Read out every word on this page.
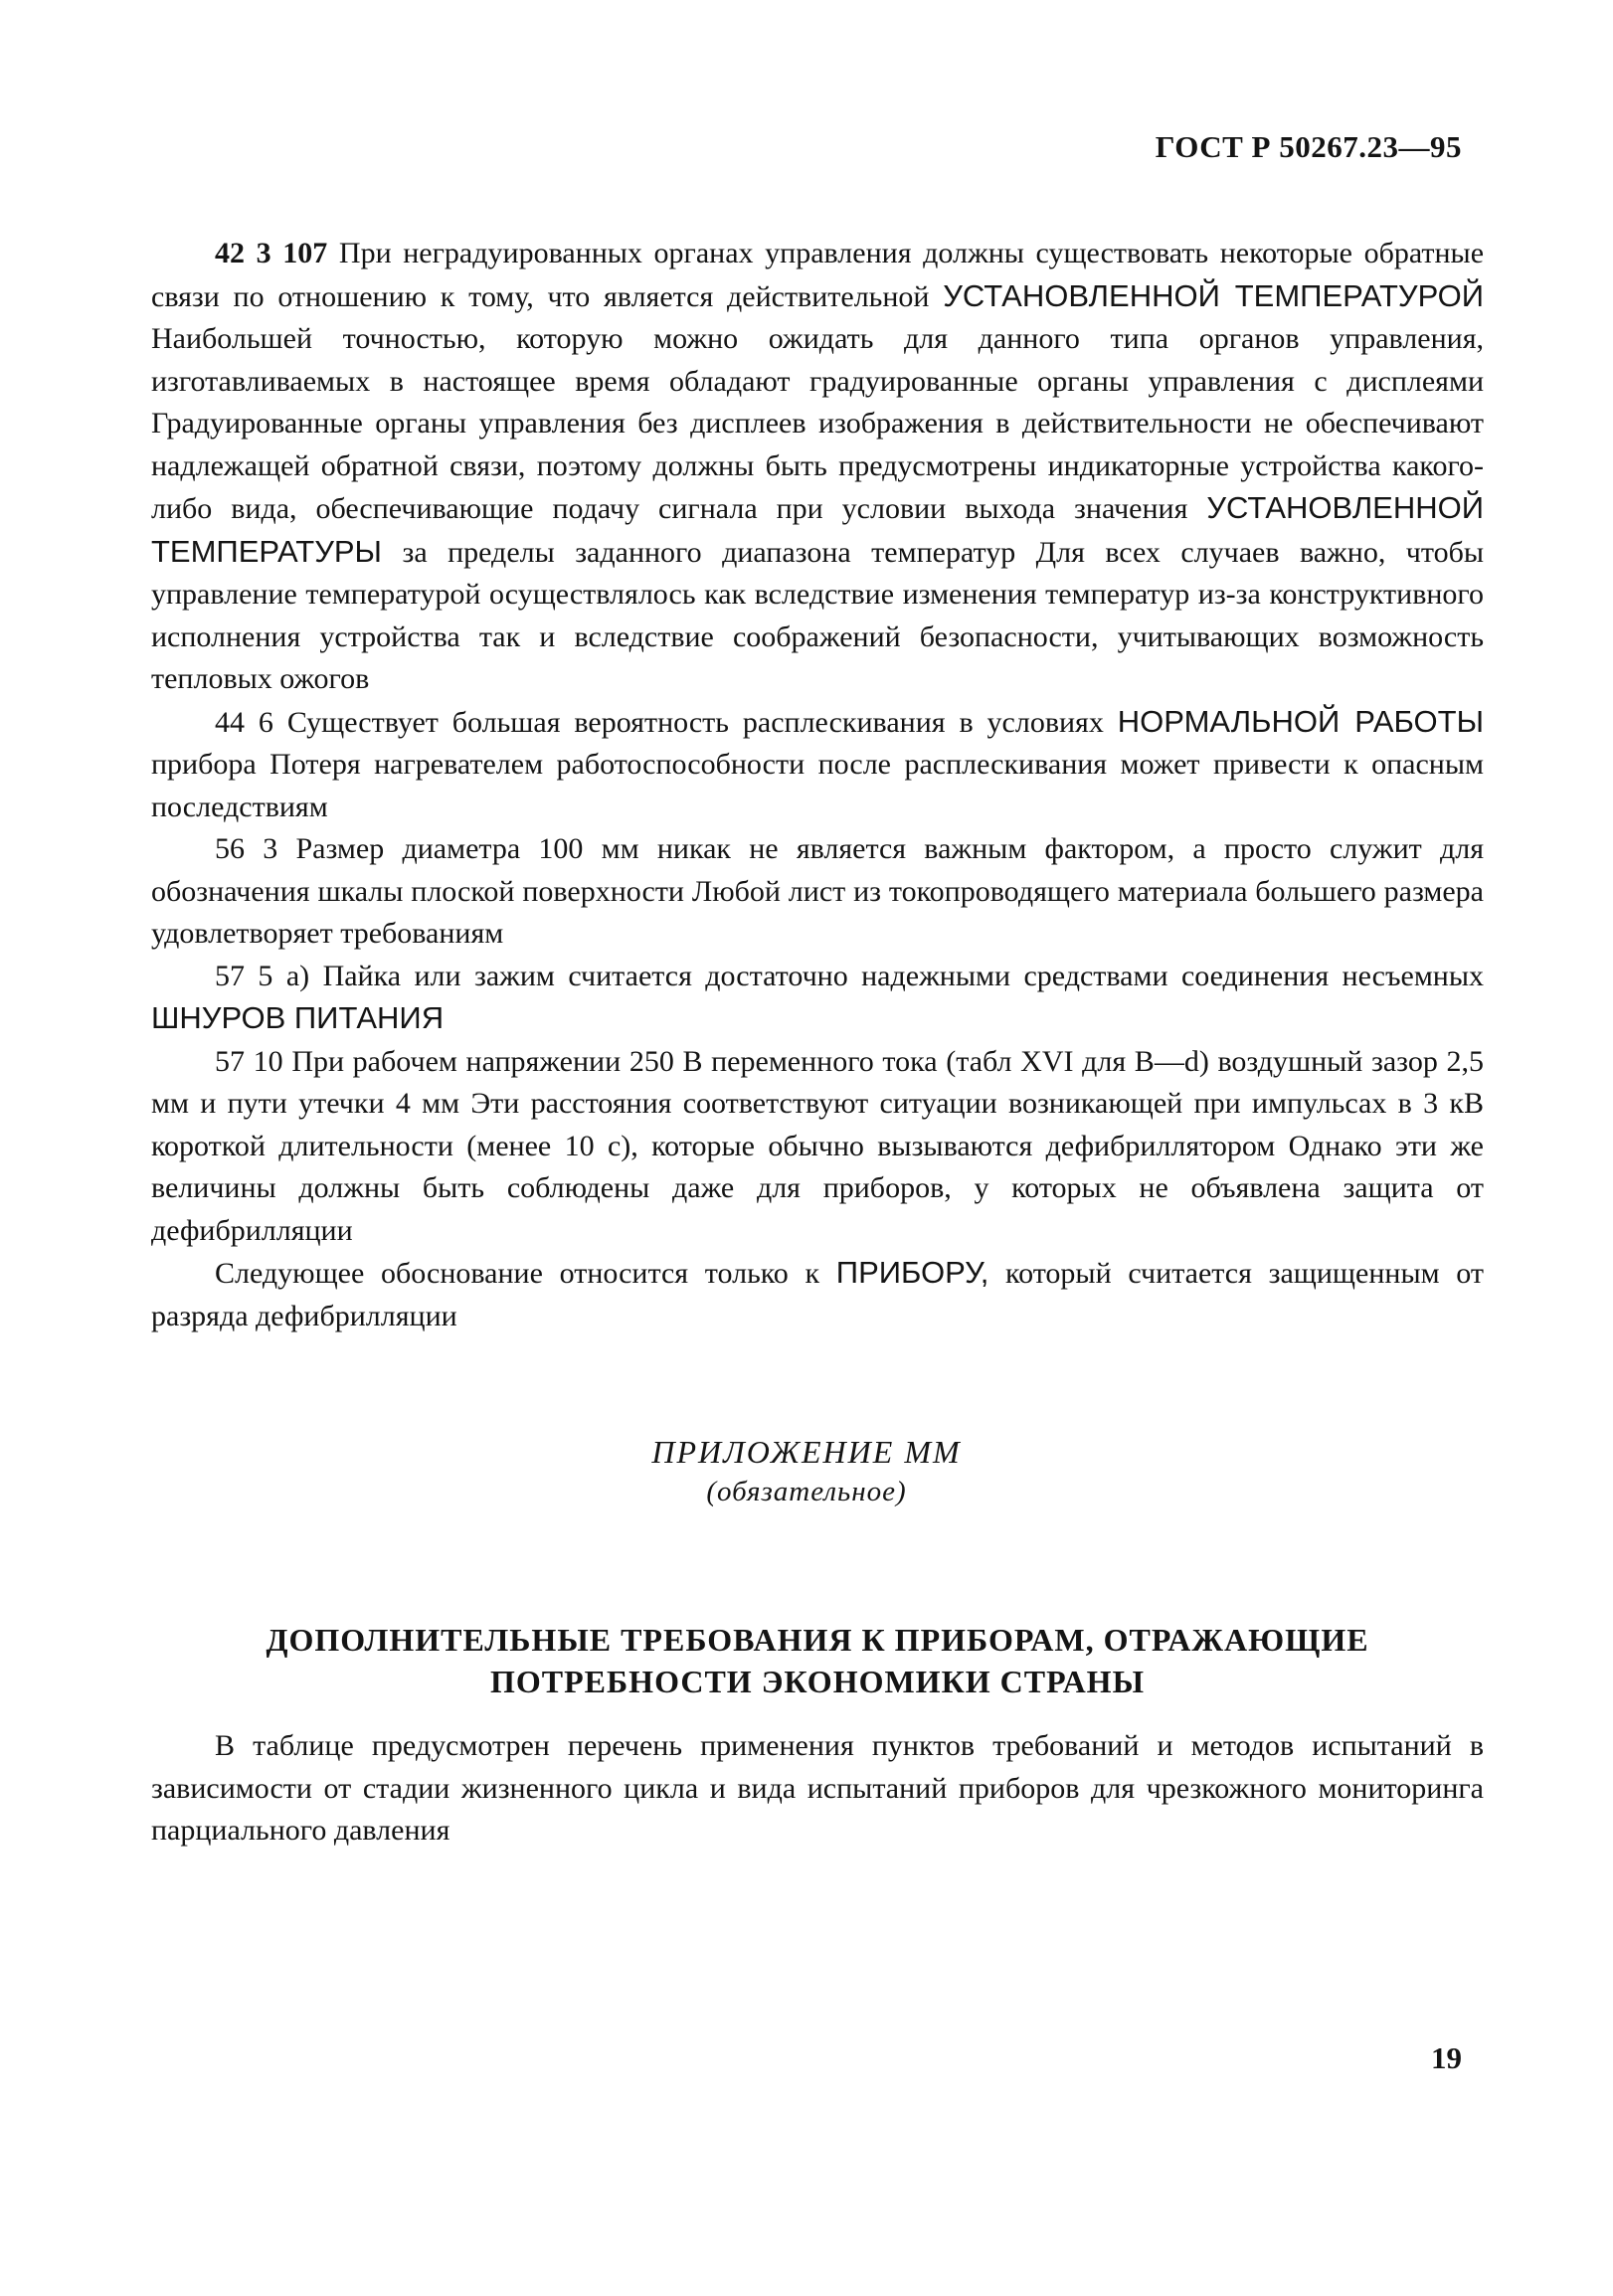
ГОСТ Р 50267.23—95

42 3 107 При неградуированных органах управления должны существовать некоторые обратные связи по отношению к тому, что является действительной УСТАНОВЛЕННОЙ ТЕМПЕРАТУРОЙ Наибольшей точностью, которую можно ожидать для данного типа органов управления, изготавливаемых в настоящее время обладают градуированные органы управления с дисплеями Градуированные органы управления без дисплеев изображения в действительности не обеспечивают надлежащей обратной связи, поэтому должны быть предусмотрены индикаторные устройства какого-либо вида, обеспечивающие подачу сигнала при условии выхода значения УСТАНОВЛЕННОЙ ТЕМПЕРАТУРЫ за пределы заданного диапазона температур Для всех случаев важно, чтобы управление температурой осуществлялось как вследствие изменения температур из-за конструктивного исполнения устройства так и вследствие соображений безопасности, учитывающих возможность тепловых ожогов

44 6 Существует большая вероятность расплескивания в условиях НОРМАЛЬНОЙ РАБОТЫ прибора Потеря нагревателем работоспособности после расплескивания может привести к опасным последствиям

56 3 Размер диаметра 100 мм никак не является важным фактором, а просто служит для обозначения шкалы плоской поверхности Любой лист из токопроводящего материала большего размера удовлетворяет требованиям

57 5 а) Пайка или зажим считается достаточно надежными средствами соединения несъемных ШНУРОВ ПИТАНИЯ

57 10 При рабочем напряжении 250 В переменного тока (табл XVI для B—d) воздушный зазор 2,5 мм и пути утечки 4 мм Эти расстояния соответствуют ситуации возникающей при импульсах в 3 кВ короткой длительности (менее 10 с), которые обычно вызываются дефибриллятором Однако эти же величины должны быть соблюдены даже для приборов, у которых не объявлена защита от дефибрилляции

Следующее обоснование относится только к ПРИБОРУ, который считается защищенным от разряда дефибрилляции

ПРИЛОЖЕНИЕ ММ
(обязательное)
ДОПОЛНИТЕЛЬНЫЕ ТРЕБОВАНИЯ К ПРИБОРАМ, ОТРАЖАЮЩИЕ
ПОТРЕБНОСТИ ЭКОНОМИКИ СТРАНЫ

В таблице предусмотрен перечень применения пунктов требований и методов испытаний в зависимости от стадии жизненного цикла и вида испытаний приборов для чрезкожного мониторинга парциального давления

19
